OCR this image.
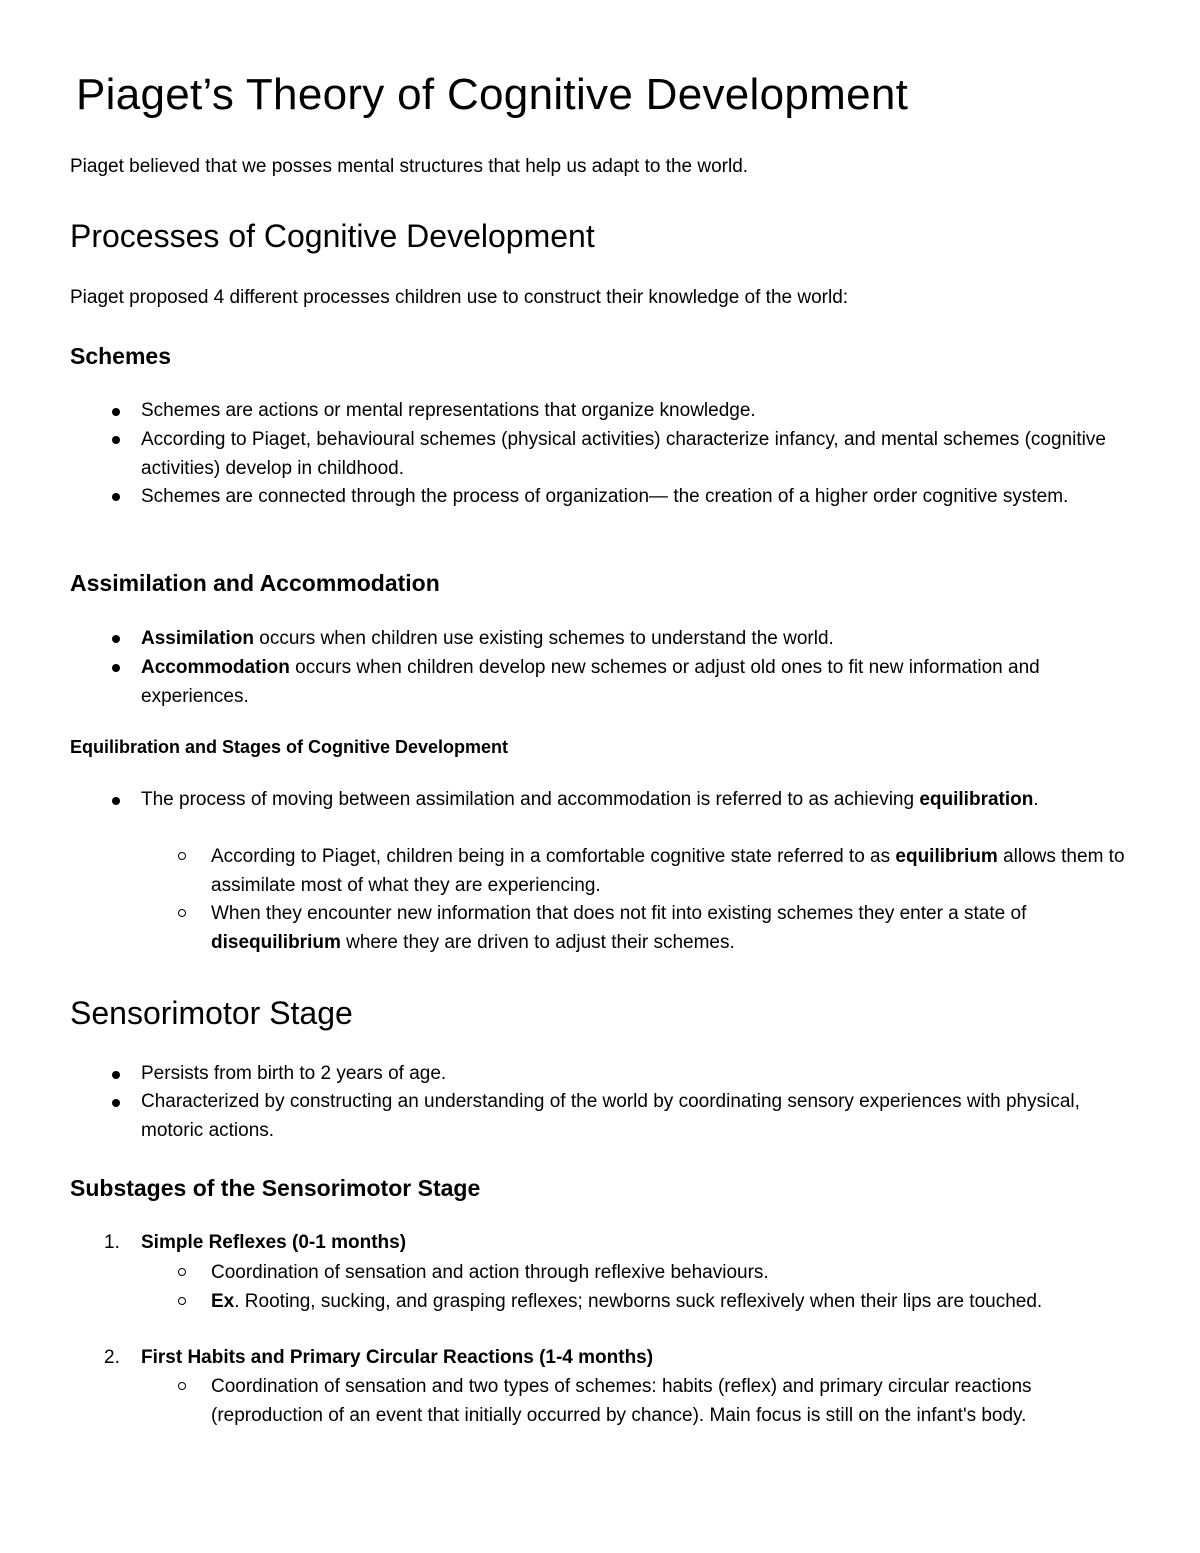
Piaget’s Theory of Cognitive Development

Piaget believed that we posses mental structures that help us adapt to the world.

Processes of Cognitive Development

Piaget proposed 4 different processes children use to construct their knowledge of the world:

Schemes

Schemes are actions or mental representations that organize knowledge.

According to Piaget, behavioural schemes (physical activities) characterize infancy, and mental schemes (cognitive activities) develop in childhood.

Schemes are connected through the process of organization— the creation of a higher order cognitive system.

Assimilation and Accommodation

Assimilation occurs when children use existing schemes to understand the world.

Accommodation occurs when children develop new schemes or adjust old ones to fit new information and experiences.

Equilibration and Stages of Cognitive Development

The process of moving between assimilation and accommodation is referred to as achieving equilibration.

According to Piaget, children being in a comfortable cognitive state referred to as equilibrium allows them to assimilate most of what they are experiencing.

When they encounter new information that does not fit into existing schemes they enter a state of disequilibrium where they are driven to adjust their schemes.

Sensorimotor Stage

Persists from birth to 2 years of age.

Characterized by constructing an understanding of the world by coordinating sensory experiences with physical, motoric actions.

Substages of the Sensorimotor Stage
1. Simple Reflexes (0-1 months)

Coordination of sensation and action through reflexive behaviours.

Ex. Rooting, sucking, and grasping reflexes; newborns suck reflexively when their lips are touched.

2. First Habits and Primary Circular Reactions (1-4 months)

Coordination of sensation and two types of schemes: habits (reflex) and primary circular reactions (reproduction of an event that initially occurred by chance). Main focus is still on the infant's body.
